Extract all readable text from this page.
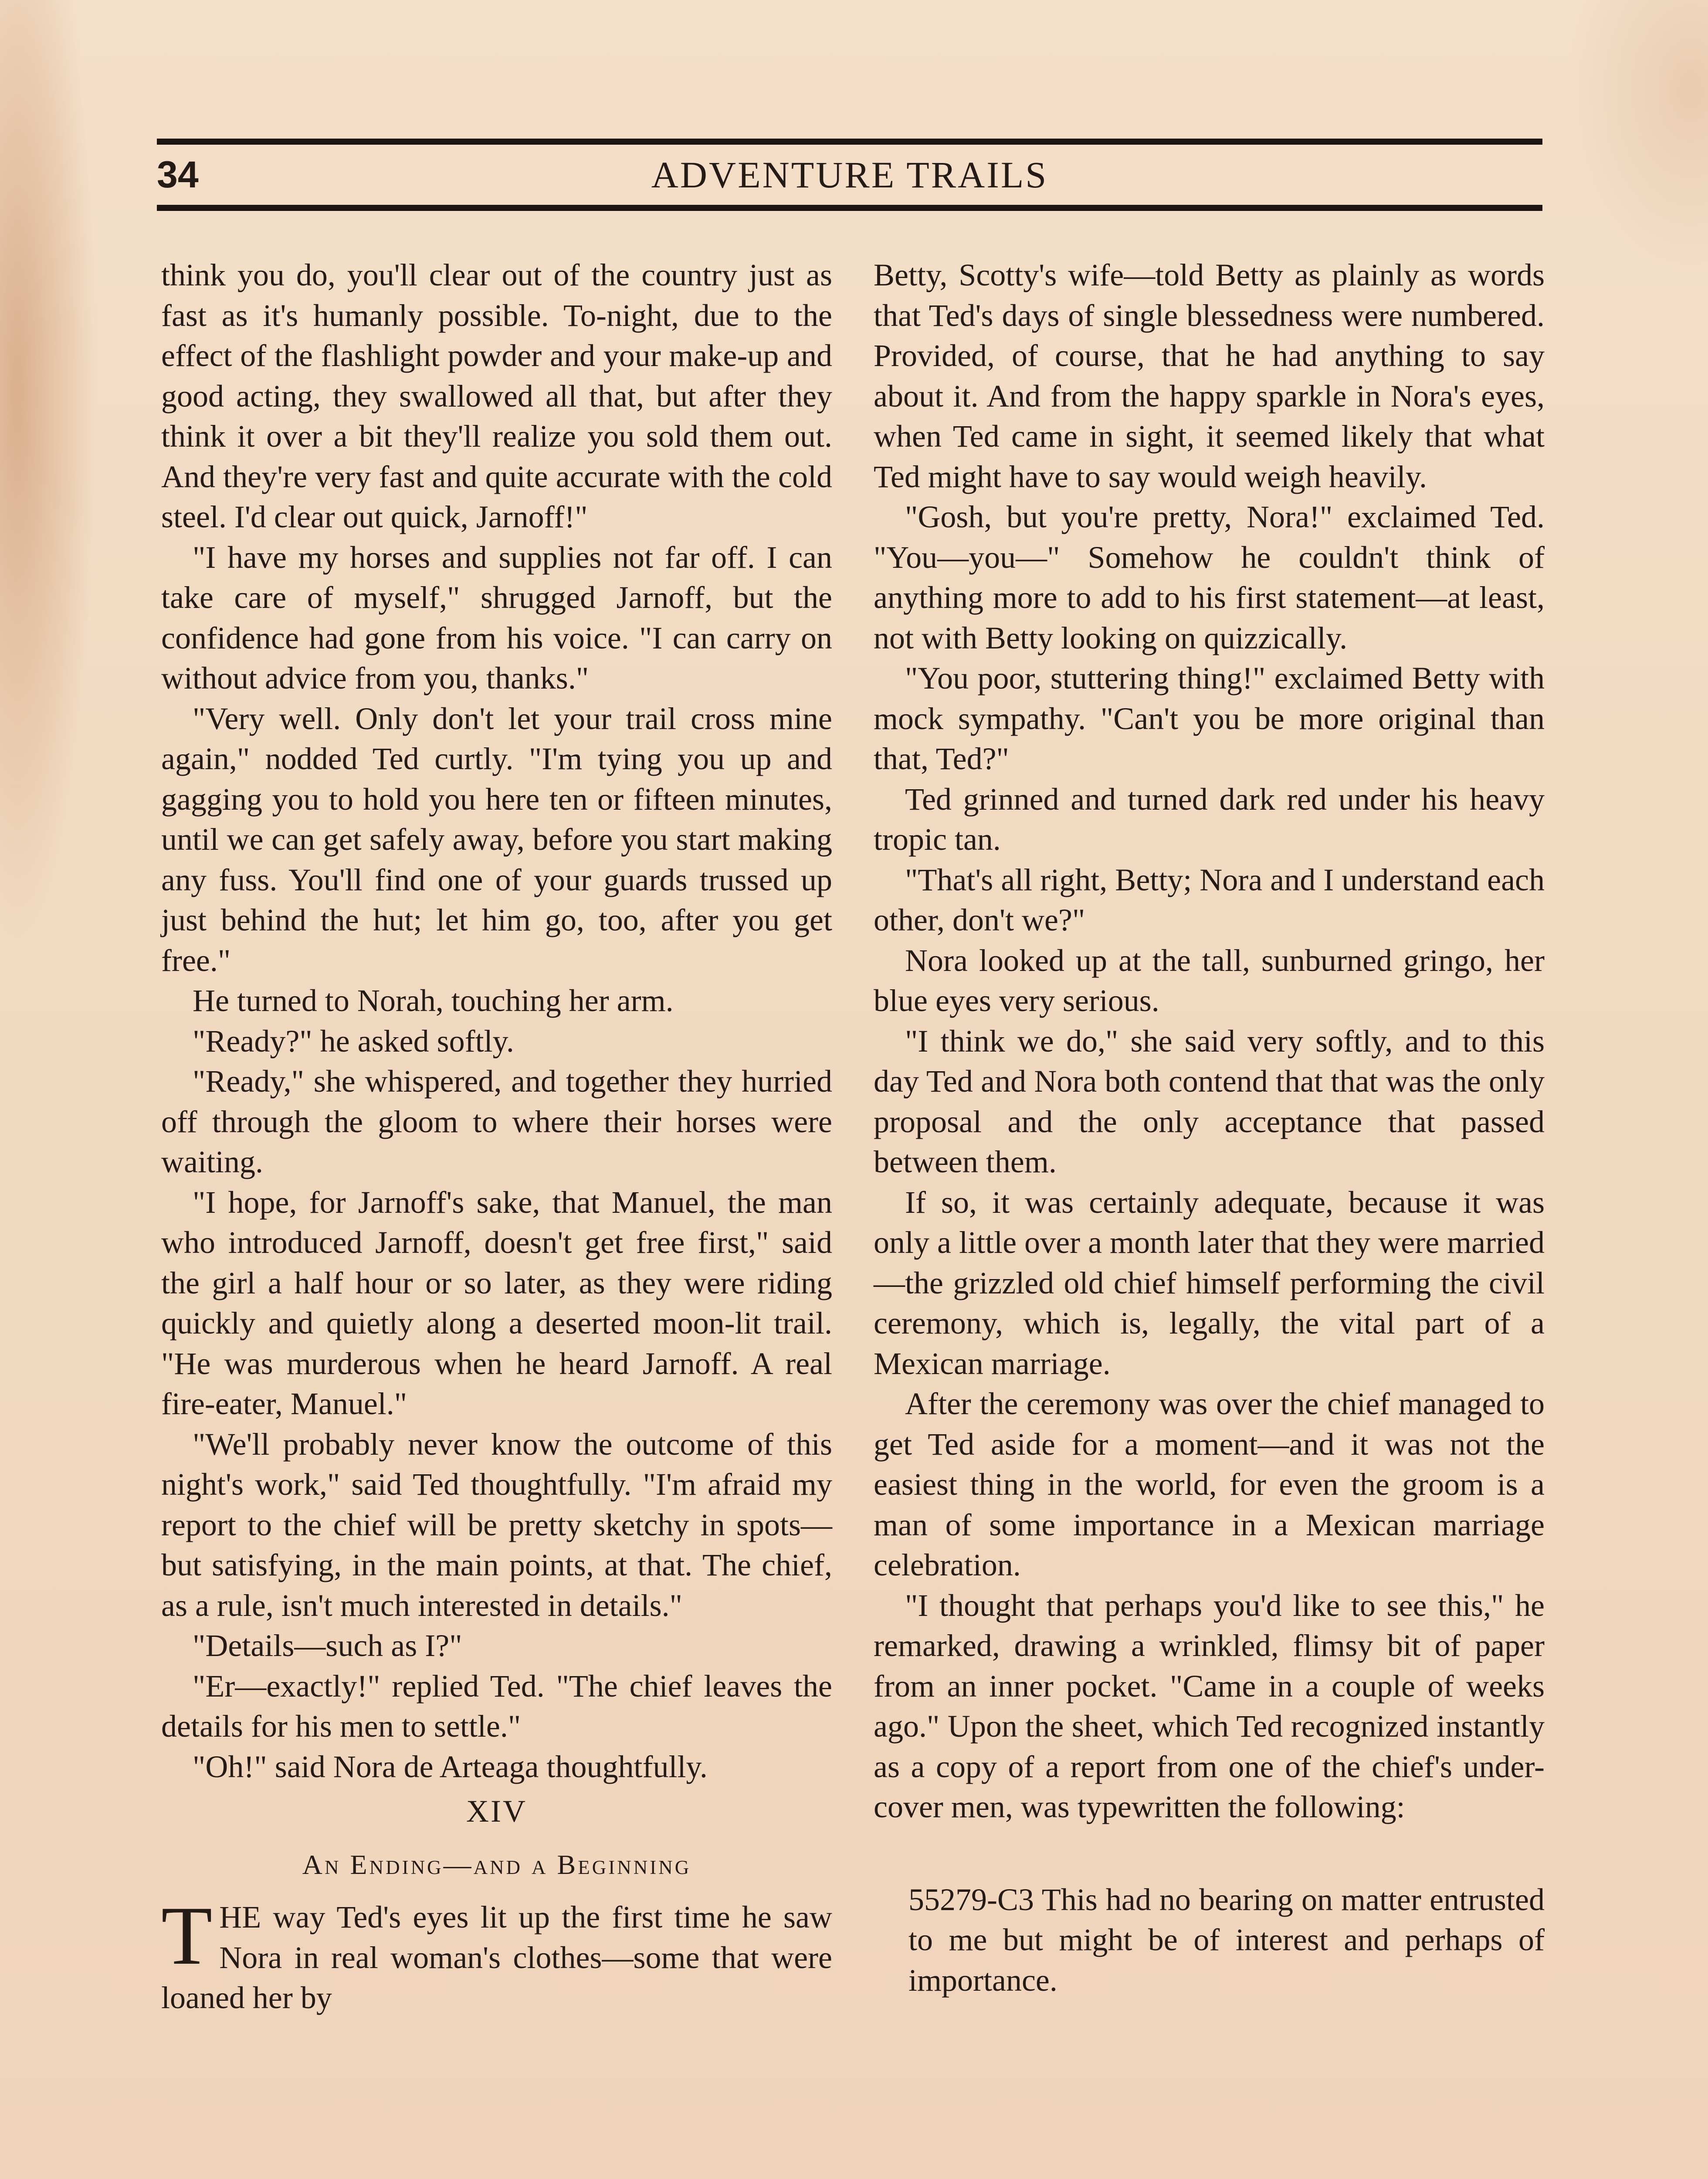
34	ADVENTURE TRAILS

think you do, you'll clear out of the country just as fast as it's humanly possible. To-night, due to the effect of the flashlight powder and your make-up and good acting, they swallowed all that, but after they think it over a bit they'll realize you sold them out. And they're very fast and quite accurate with the cold steel. I'd clear out quick, Jarnoff!"

"I have my horses and supplies not far off. I can take care of myself," shrugged Jarnoff, but the confidence had gone from his voice. "I can carry on without advice from you, thanks."

"Very well. Only don't let your trail cross mine again," nodded Ted curtly. "I'm tying you up and gagging you to hold you here ten or fifteen minutes, until we can get safely away, before you start making any fuss. You'll find one of your guards trussed up just behind the hut; let him go, too, after you get free."

He turned to Norah, touching her arm.

"Ready?" he asked softly.

"Ready," she whispered, and together they hurried off through the gloom to where their horses were waiting.

"I hope, for Jarnoff's sake, that Manuel, the man who introduced Jarnoff, doesn't get free first," said the girl a half hour or so later, as they were riding quickly and quietly along a deserted moon-lit trail. "He was murderous when he heard Jarnoff. A real fire-eater, Manuel."

"We'll probably never know the outcome of this night's work," said Ted thoughtfully. "I'm afraid my report to the chief will be pretty sketchy in spots—but satisfying, in the main points, at that. The chief, as a rule, isn't much interested in details."

"Details—such as I?"

"Er—exactly!" replied Ted. "The chief leaves the details for his men to settle."

"Oh!" said Nora de Arteaga thoughtfully.

XIV
An Ending—and a Beginning

THE way Ted's eyes lit up the first time he saw Nora in real woman's clothes—some that were loaned her by

Betty, Scotty's wife—told Betty as plainly as words that Ted's days of single blessedness were numbered. Provided, of course, that he had anything to say about it. And from the happy sparkle in Nora's eyes, when Ted came in sight, it seemed likely that what Ted might have to say would weigh heavily.

"Gosh, but you're pretty, Nora!" exclaimed Ted. "You—you—" Somehow he couldn't think of anything more to add to his first statement—at least, not with Betty looking on quizzically.

"You poor, stuttering thing!" exclaimed Betty with mock sympathy. "Can't you be more original than that, Ted?"

Ted grinned and turned dark red under his heavy tropic tan.

"That's all right, Betty; Nora and I understand each other, don't we?"

Nora looked up at the tall, sunburned gringo, her blue eyes very serious.

"I think we do," she said very softly, and to this day Ted and Nora both contend that that was the only proposal and the only acceptance that passed between them.

If so, it was certainly adequate, because it was only a little over a month later that they were married—the grizzled old chief himself performing the civil ceremony, which is, legally, the vital part of a Mexican marriage.

After the ceremony was over the chief managed to get Ted aside for a moment—and it was not the easiest thing in the world, for even the groom is a man of some importance in a Mexican marriage celebration.

"I thought that perhaps you'd like to see this," he remarked, drawing a wrinkled, flimsy bit of paper from an inner pocket. "Came in a couple of weeks ago." Upon the sheet, which Ted recognized instantly as a copy of a report from one of the chief's under-cover men, was typewritten the following:

55279-C3 This had no bearing on matter entrusted to me but might be of interest and perhaps of importance.
